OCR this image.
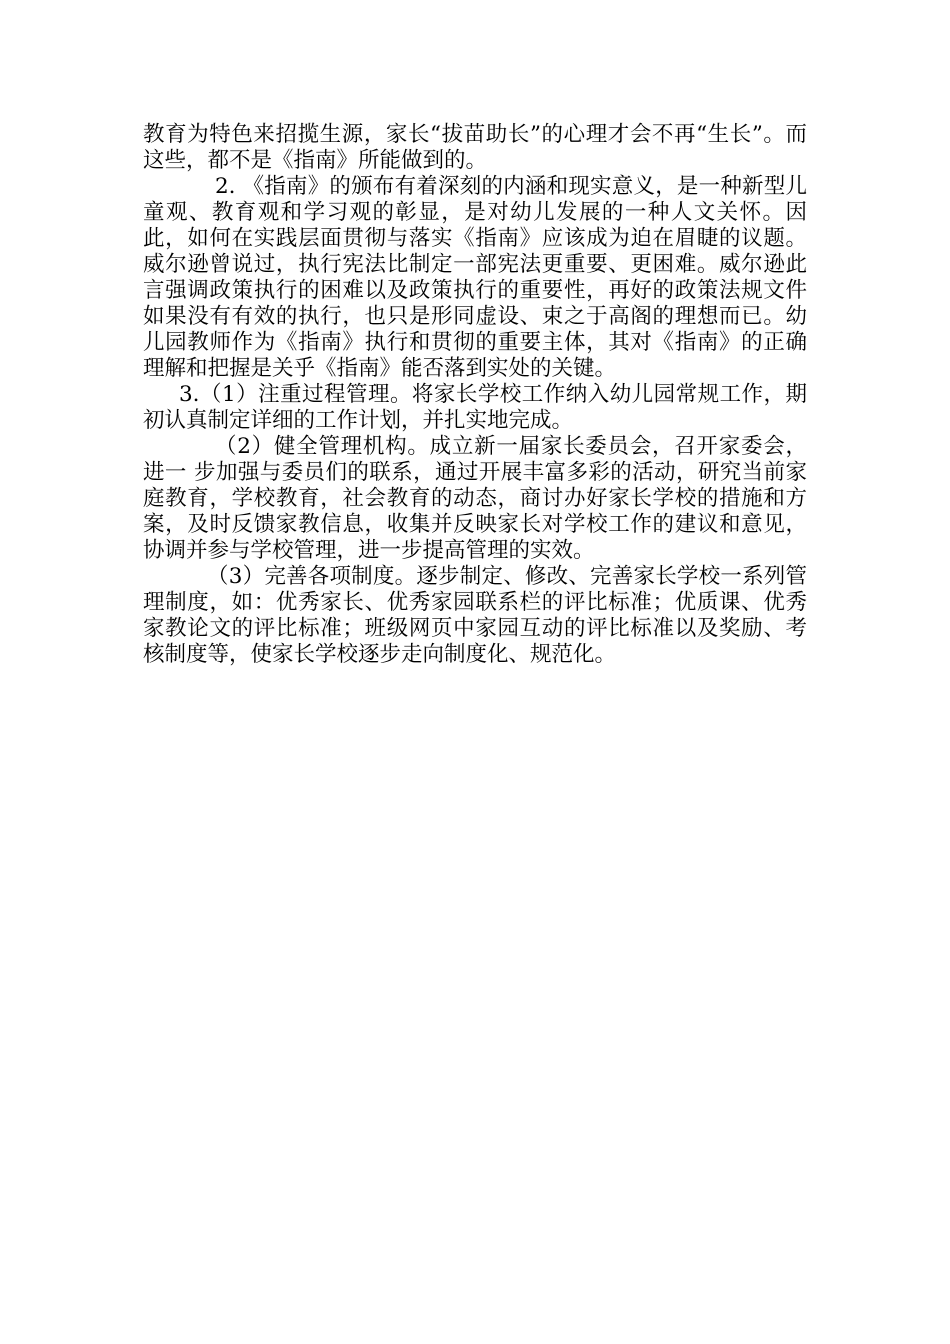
教育为特色来招揽生源，家长“拔苗助长”的心理才会不再“生长”。而这些，都不是《指南》所能做到的。

2. 《指南》的颁布有着深刻的内涵和现实意义，是一种新型儿童观、教育观和学习观的彰显，是对幼儿发展的一种人文关怀。因此，如何在实践层面贯彻与落实《指南》应该成为迫在眉睫的议题。威尔逊曾说过，执行宪法比制定一部宪法更重要、更困难。威尔逊此言强调政策执行的困难以及政策执行的重要性，再好的政策法规文件如果没有有效的执行，也只是形同虚设、束之于高阁的理想而已。幼儿园教师作为《指南》执行和贯彻的重要主体，其对《指南》的正确理解和把握是关乎《指南》能否落到实处的关键。

3.（1）注重过程管理。将家长学校工作纳入幼儿园常规工作，期初认真制定详细的工作计划，并扎实地完成。

（2）健全管理机构。成立新一届家长委员会，召开家委会，进一 步加强与委员们的联系，通过开展丰富多彩的活动，研究当前家庭教育，学校教育，社会教育的动态，商讨办好家长学校的措施和方案，及时反馈家教信息，收集并反映家长对学校工作的建议和意见，协调并参与学校管理，进一步提高管理的实效。

（3）完善各项制度。逐步制定、修改、完善家长学校一系列管理制度，如：优秀家长、优秀家园联系栏的评比标准；优质课、优秀家教论文的评比标准；班级网页中家园互动的评比标准以及奖励、考核制度等，使家长学校逐步走向制度化、规范化。
